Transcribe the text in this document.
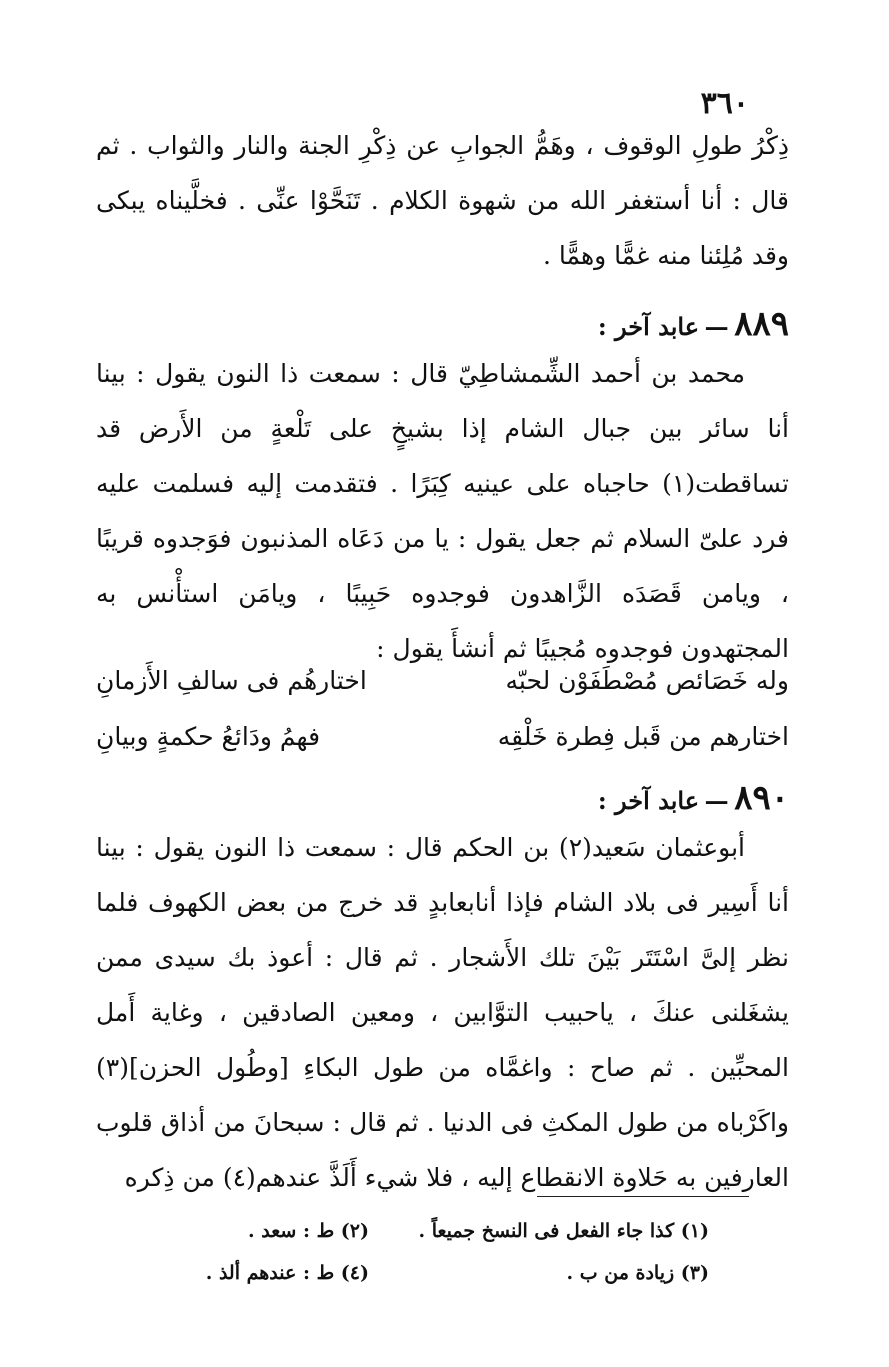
٣٦٠

ذِكْرُ طولِ الوقوف ، وهَمُّ الجوابِ عن ذِكْرِ الجنة والنار والثواب . ثم قال : أنا أستغفر الله من شهوة الكلام . تَنَحَّوْا عنِّى . فخلَّيناه يبكى وقد مُلِئنا منه غمًّا وهمًّا .

٨٨٩ — عابد آخر :

محمد بن أحمد الشِّمشاطِيّ قال : سمعت ذا النون يقول : بينا أنا سائر بين جبال الشام إذا بشيخٍ على تَلْعةٍ من الأَرض قد تساقطت(١) حاجباه على عينيه كِبَرًا . فتقدمت إليه فسلمت عليه فرد علىّ السلام ثم جعل يقول : يا من دَعَاه المذنبون فوَجدوه قريبًا ، ويامن قَصَدَه الزَّاهدون فوجدوه حَبِيبًا ، ويامَن استأْنس به المجتهدون فوجدوه مُجيبًا ثم أنشأَ يقول :

وله خَصَائص مُصْطَفَوْن لحبّه
اختارهُم فى سالفِ الأَزمانِ
اختارهم من قَبل فِطرة خَلْقِه
فهمُ ودَائعُ حكمةٍ وبيانِ
٨٩٠ — عابد آخر :

أبوعثمان سَعيد(٢) بن الحكم قال : سمعت ذا النون يقول : بينا أنا أَسِير فى بلاد الشام فإذا أنابعابدٍ قد خرج من بعض الكهوف فلما نظر إلىَّ اسْتَتَر بَيْنَ تلك الأَشجار . ثم قال : أعوذ بك سيدى ممن يشغَلنى عنكَ ، ياحبيب التوَّابين ، ومعين الصادقين ، وغاية أَمل المحبِّين . ثم صاح : واغمَّاه من طول البكاءِ [وطُول الحزن](٣) واكَرْباه من طول المكثِ فى الدنيا . ثم قال : سبحانَ من أذاق قلوب العارفين به حَلاوة الانقطاع إليه ، فلا شيء أَلَذَّ عندهم(٤) من ذِكره

(١) كذا جاء الفعل فى النسخ جميعاً .
(٢) ط : سعد .
(٣) زيادة من ب .
(٤) ط : عندهم ألذ .
